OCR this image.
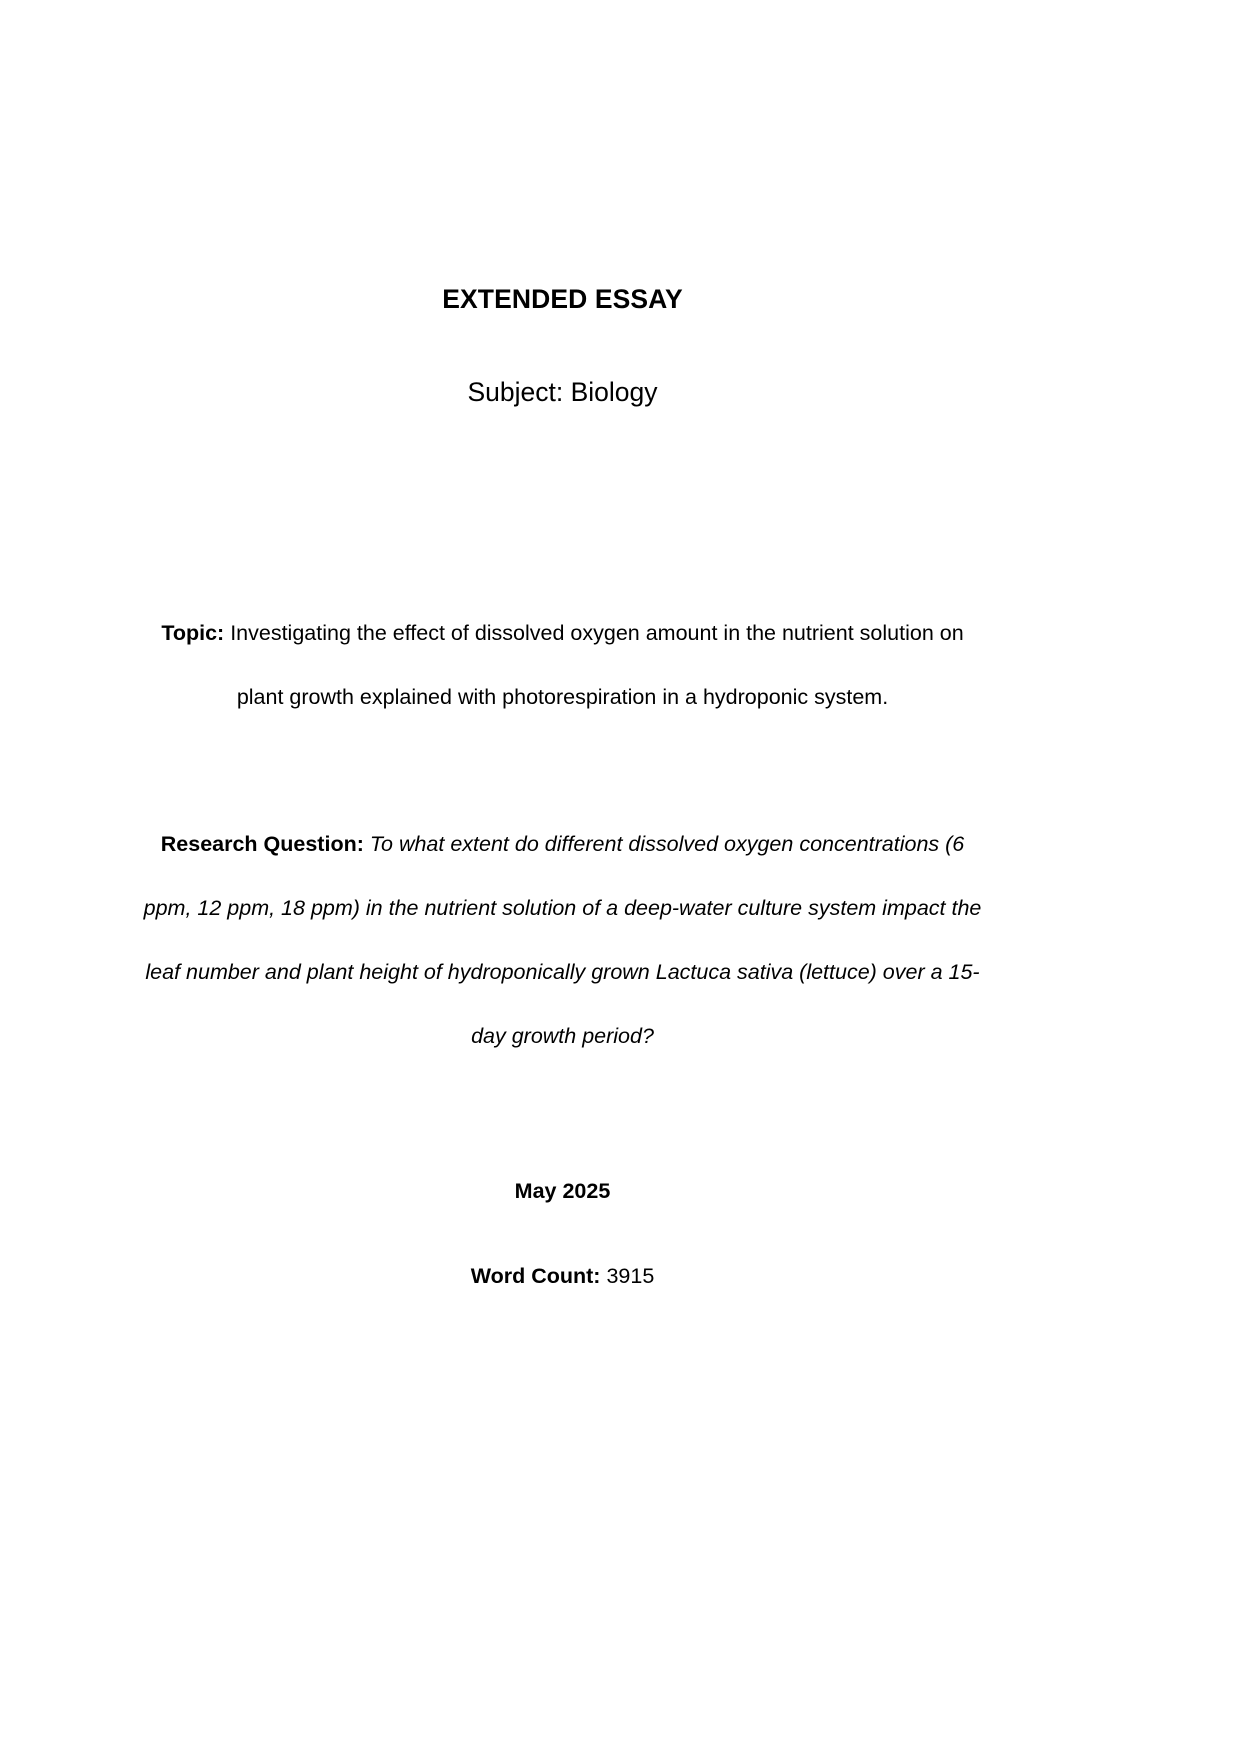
EXTENDED ESSAY
Subject: Biology
Topic: Investigating the effect of dissolved oxygen amount in the nutrient solution on plant growth explained with photorespiration in a hydroponic system.
Research Question: To what extent do different dissolved oxygen concentrations (6 ppm, 12 ppm, 18 ppm) in the nutrient solution of a deep-water culture system impact the leaf number and plant height of hydroponically grown Lactuca sativa (lettuce) over a 15-day growth period?
May 2025
Word Count: 3915
